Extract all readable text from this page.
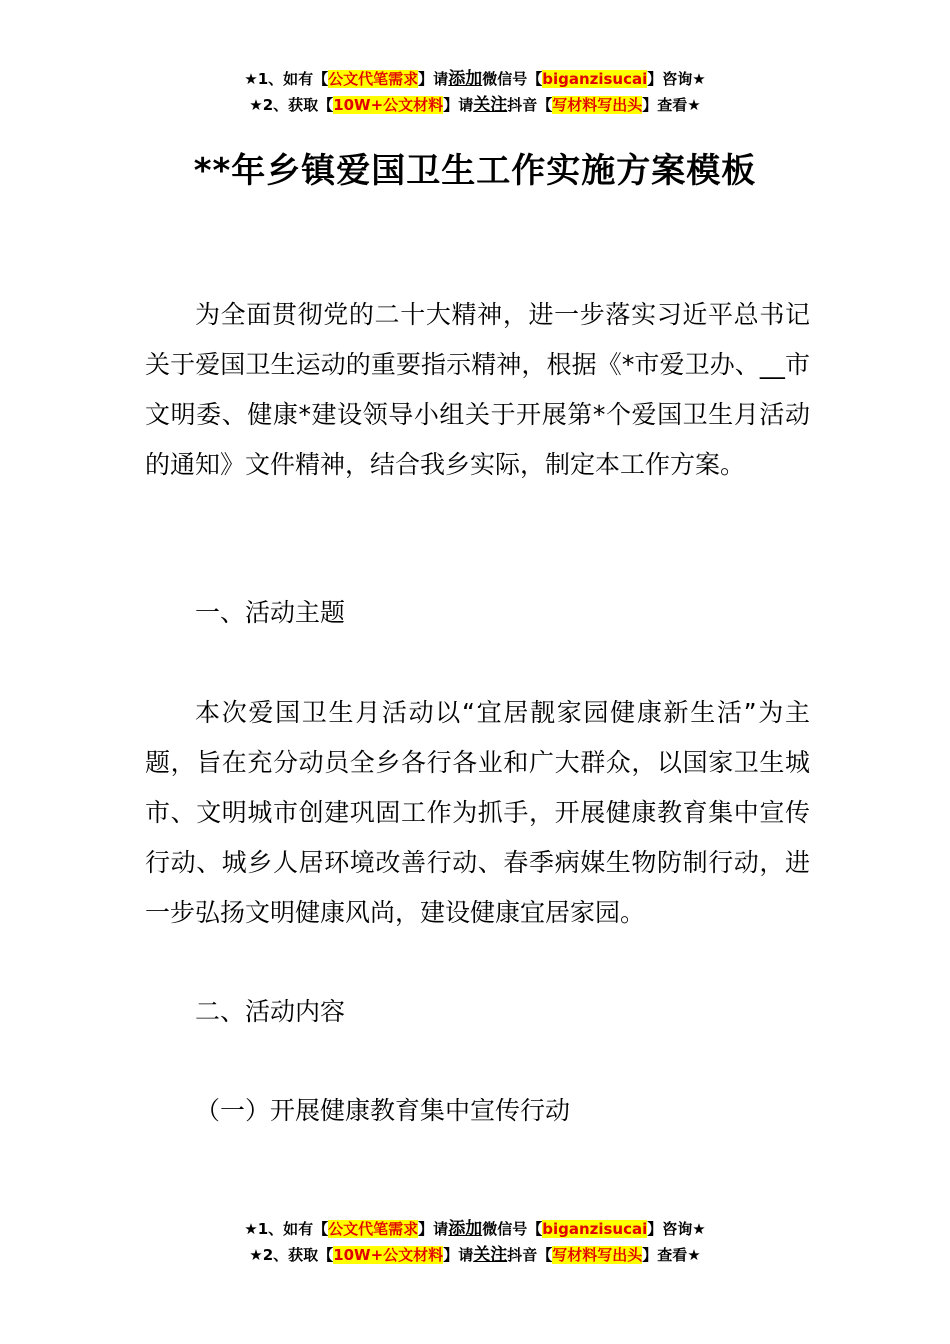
★1、如有【公文代笔需求】请添加微信号【biganzisucai】咨询★
★2、获取【10W+公文材料】请关注抖音【写材料写出头】查看★
**年乡镇爱国卫生工作实施方案模板
为全面贯彻党的二十大精神，进一步落实习近平总书记关于爱国卫生运动的重要指示精神，根据《*市爱卫办、__市文明委、健康*建设领导小组关于开展第*个爱国卫生月活动的通知》文件精神，结合我乡实际，制定本工作方案。
一、活动主题
本次爱国卫生月活动以“宜居靓家园健康新生活”为主题，旨在充分动员全乡各行各业和广大群众，以国家卫生城市、文明城市创建巩固工作为抓手，开展健康教育集中宣传行动、城乡人居环境改善行动、春季病媒生物防制行动，进一步弘扬文明健康风尚，建设健康宜居家园。
二、活动内容
（一）开展健康教育集中宣传行动
★1、如有【公文代笔需求】请添加微信号【biganzisucai】咨询★
★2、获取【10W+公文材料】请关注抖音【写材料写出头】查看★
